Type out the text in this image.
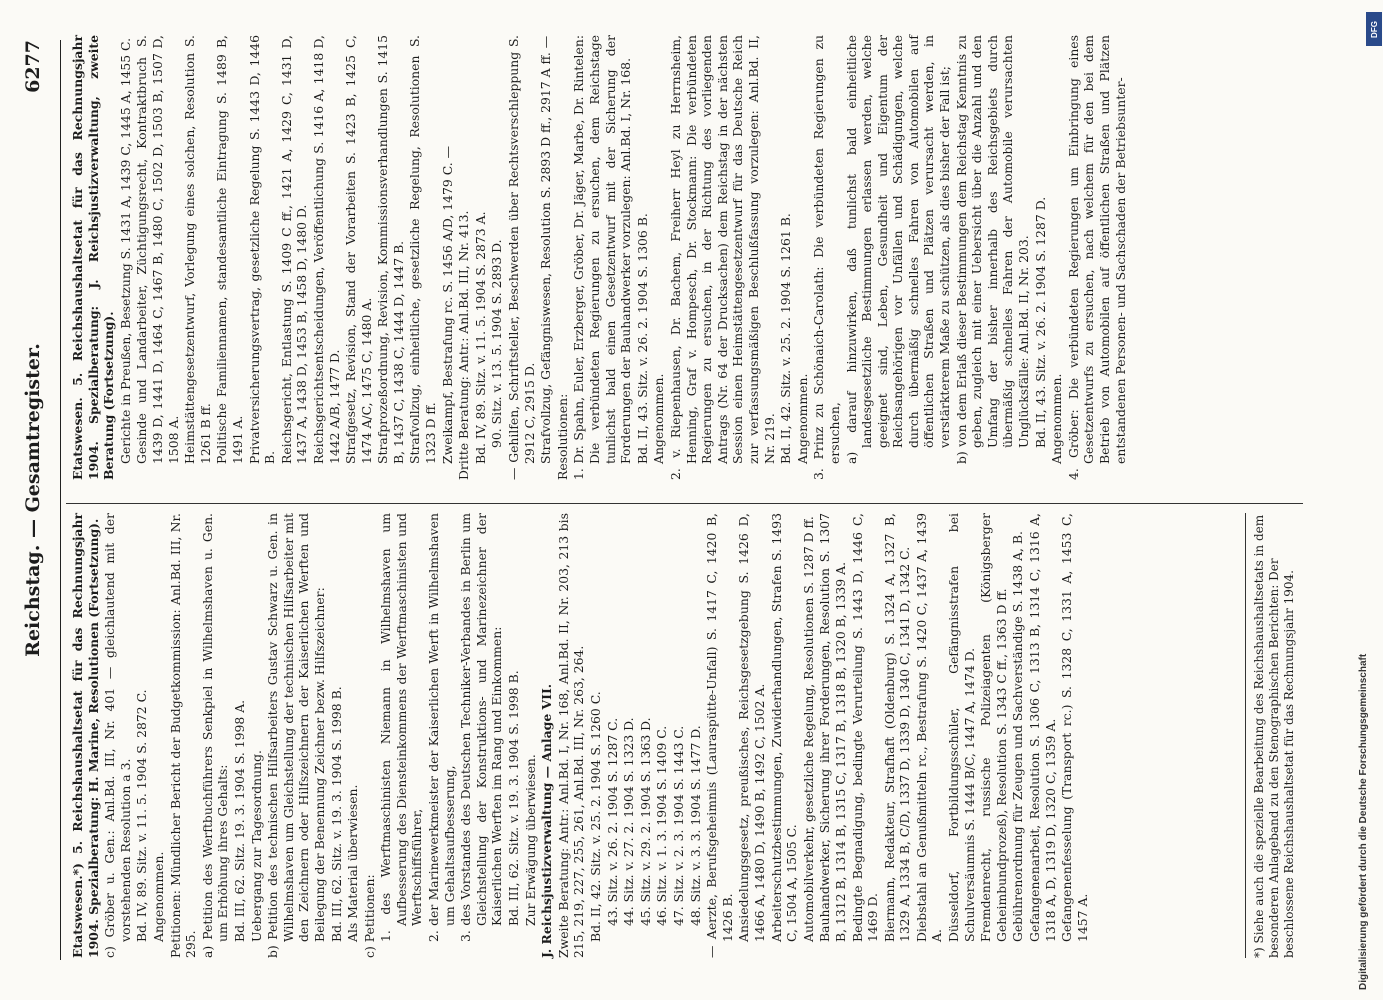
Reichstag. — Gesamtregister.
6277

Etatswesen.*) 5. Reichshaushaltsetat für das Rechnungsjahr 1904. Spezialberatung: H. Marine, Resolutionen (Fortsetzung). c) Gröber u. Gen.: Anl.Bd. III, Nr. 401 — gleichlautend mit der vorstehenden Resolution a 3. Bd. IV, 89. Sitz. v. 11. 5. 1904 S. 2872 C. Angenommen. Petitionen: Mündlicher Bericht der Budgetkommission: Anl.Bd. III, Nr. 295. a) Petition des Werftbuchführers Senkpiel in Wilhelmshaven u. Gen. um Erhöhung ihres Gehalts: Bd. III, 62. Sitz. 19. 3. 1904 S. 1998 A. Uebergang zur Tagesordnung. b) Petition des technischen Hilfsarbeiters Gustav Schwarz u. Gen. in Wilhelmshaven um Gleichstellung der technischen Hilfsarbeiter mit den Zeichnern oder Hilfszeichnern der Kaiserlichen Werften und Beilegung der Benennung Zeichner bezw. Hilfszeichner: Bd. III, 62. Sitz. v. 19. 3. 1904 S. 1998 B. Als Material überwiesen. c) Petitionen: 1. des Werftmaschinisten Niemann in Wilhelmshaven um Aufbesserung des Diensteinkommens der Werftmaschinisten und Werftschiffsführer, 2. der Marinewerkmeister der Kaiserlichen Werft in Wilhelmshaven um Gehaltsaufbesserung, 3. des Vorstandes des Deutschen Techniker-Verbandes in Berlin um Gleichstellung der Konstruktions- und Marinezeichner der Kaiserlichen Werften im Rang und Einkommen: Bd. III, 62. Sitz. v. 19. 3. 1904 S. 1998 B. Zur Erwägung überwiesen. J. Reichsjustizverwaltung — Anlage VII. Zweite Beratung: Antr.: Anl.Bd. I, Nr. 168, Anl.Bd. II, Nr. 203, 213 bis 215, 219, 227, 255, 261, Anl.Bd. III, Nr. 263, 264. Bd. II, 42. Sitz. v. 25. 2. 1904 S. 1260 C. 43. Sitz. v. 26. 2. 1904 S. 1287 C. 44. Sitz. v. 27. 2. 1904 S. 1323 D. 45. Sitz. v. 29. 2. 1904 S. 1363 D. 46. Sitz. v. 1. 3. 1904 S. 1409 C. 47. Sitz. v. 2. 3. 1904 S. 1443 C. 48. Sitz. v. 3. 3. 1904 S. 1477 D. — Aerzte, Berufsgeheimnis (Lauraspütte-Unfall) S. 1417 C, 1420 B, 1426 B. Ansiedelungsgesetz, preußisches, Reichsgesetzgebung S. 1426 D, 1466 A, 1480 D, 1490 B, 1492 C, 1502 A. Arbeiterschutzbestimmungen, Zuwiderhandlungen, Strafen S. 1493 C, 1504 A, 1505 C. Automobilverkehr, gesetzliche Regelung, Resolutionen S. 1287 D ff. Bauhandwerker, Sicherung ihrer Forderungen, Resolution S. 1307 B, 1312 B, 1314 B, 1315 C, 1317 B, 1318 B, 1320 B, 1339 A. Bedingte Begnadigung, bedingte Verurteilung S. 1443 D, 1446 C, 1469 D. Biermann, Redakteur, Strafhaft (Oldenburg) S. 1324 A, 1327 B, 1329 A, 1334 B, C/D, 1337 D, 1339 D, 1340 C, 1341 D, 1342 C. Diebstahl an Genußmitteln rc., Bestrafung S. 1420 C, 1437 A, 1439 A. Düsseldorf, Fortbildungsschüler, Gefängnisstrafen bei Schulversäumnis S. 1444 B/C, 1447 A, 1474 D. Fremdenrecht, russische Polizeiagenten (Königsberger Geheimbundprozeß), Resolution S. 1343 C ff., 1363 D ff. Gebührenordnung für Zeugen und Sachverständige S. 1438 A, B. Gefangenenarbeit, Resolution S. 1306 C, 1313 B, 1314 C, 1316 A, 1318 A, D, 1319 D, 1320 C, 1359 A. Gefangenenfesselung (Transport rc.) S. 1328 C, 1331 A, 1453 C, 1457 A.

Etatswesen. 5. Reichshaushaltsetat für das Rechnungsjahr 1904. Spezialberatung: J. Reichsjustizverwaltung, zweite Beratung (Fortsetzung). Gerichte in Preußen, Besetzung S. 1431 A, 1439 C, 1445 A, 1455 C. Gesinde und Landarbeiter, Züchtigungsrecht, Kontraktbruch S. 1439 D, 1441 D, 1464 C, 1467 B, 1480 C, 1502 D, 1503 B, 1507 D, 1508 A. Heimstättengesetzentwurf, Vorlegung eines solchen, Resolution S. 1261 B ff. Politische Familiennamen, standesamtliche Eintragung S. 1489 B, 1491 A. Privatversicherungsvertrag, gesetzliche Regelung S. 1443 D, 1446 B. Reichsgericht, Entlastung S. 1409 C ff., 1421 A, 1429 C, 1431 D, 1437 A, 1438 D, 1453 B, 1458 D, 1480 D. Reichsgerichtsentscheidungen, Veröffentlichung S. 1416 A, 1418 D, 1442 A/B, 1477 D. Strafgesetz, Revision, Stand der Vorarbeiten S. 1423 B, 1425 C, 1474 A/C, 1475 C, 1480 A. Strafprozeßordnung, Revision, Kommissionsverhandlungen S. 1415 B, 1437 C, 1438 C, 1444 D, 1447 B. Strafvollzug, einheitliche, gesetzliche Regelung, Resolutionen S. 1323 D ff. Zweikampf, Bestrafung rc. S. 1456 A/D, 1479 C. — Dritte Beratung: Antr.: Anl.Bd. III, Nr. 413. Bd. IV, 89. Sitz. v. 11. 5. 1904 S. 2873 A. 90. Sitz. v. 13. 5. 1904 S. 2893 D. — Gehilfen, Schriftsteller, Beschwerden über Rechtsverschleppung S. 2912 C, 2915 D. Strafvollzug, Gefängniswesen, Resolution S. 2893 D ff., 2917 A ff. — Resolutionen: 1. Dr. Spahn, Euler, Erzberger, Gröber, Dr. Jäger, Marbe, Dr. Rintelen: Die verbündeten Regierungen zu ersuchen, dem Reichstage tunlichst bald einen Gesetzentwurf mit der Sicherung der Forderungen der Bauhandwerker vorzulegen: Anl.Bd. I, Nr. 168. Bd. II, 43. Sitz. v. 26. 2. 1904 S. 1306 B. Angenommen. 2. v. Riepenhausen, Dr. Bachem, Freiherr Heyl zu Herrnsheim, Henning, Graf v. Hompesch, Dr. Stockmann: Die verbündeten Regierungen zu ersuchen, in der Richtung des vorliegenden Antrags (Nr. 64 der Drucksachen) dem Reichstag in der nächsten Session einen Heimstättengesetzentwurf für das Deutsche Reich zur verfassungsmäßigen Beschlußfassung vorzulegen: Anl.Bd. II, Nr. 219. Bd. II, 42. Sitz. v. 25. 2. 1904 S. 1261 B. Angenommen. 3. Prinz zu Schönaich-Carolath: Die verbündeten Regierungen zu ersuchen, a) darauf hinzuwirken, daß tunlichst bald einheitliche landesgesetzliche Bestimmungen erlassen werden, welche geeignet sind, Leben, Gesundheit und Eigentum der Reichsangehörigen vor Unfällen und Schädigungen, welche durch übermäßig schnelles Fahren von Automobilen auf öffentlichen Straßen und Plätzen verursacht werden, in verstärkterem Maße zu schützen, als dies bisher der Fall ist; b) von dem Erlaß dieser Bestimmungen dem Reichstag Kenntnis zu geben, zugleich mit einer Uebersicht über die Anzahl und den Umfang der bisher innerhalb des Reichsgebiets durch übermäßig schnelles Fahren der Automobile verursachten Unglücksfälle: Anl.Bd. II, Nr. 203. Bd. II, 43. Sitz. v. 26. 2. 1904 S. 1287 D. Angenommen. 4. Gröber: Die verbündeten Regierungen um Einbringung eines Gesetzentwurfs zu ersuchen, nach welchem für den bei dem Betrieb von Automobilen auf öffentlichen Straßen und Plätzen entstandenen Personen- und Sachschaden der Betriebsunter-

*) Siehe auch die spezielle Bearbeitung des Reichshaushaltsetats in dem besonderen Anlageband zu den Stenographischen Berichten: Der beschlossene Reichshaushaltsetat für das Rechnungsjahr 1904.	Digitalisierung gefördert durch die Deutsche Forschungsgemeinschaft
DFG
